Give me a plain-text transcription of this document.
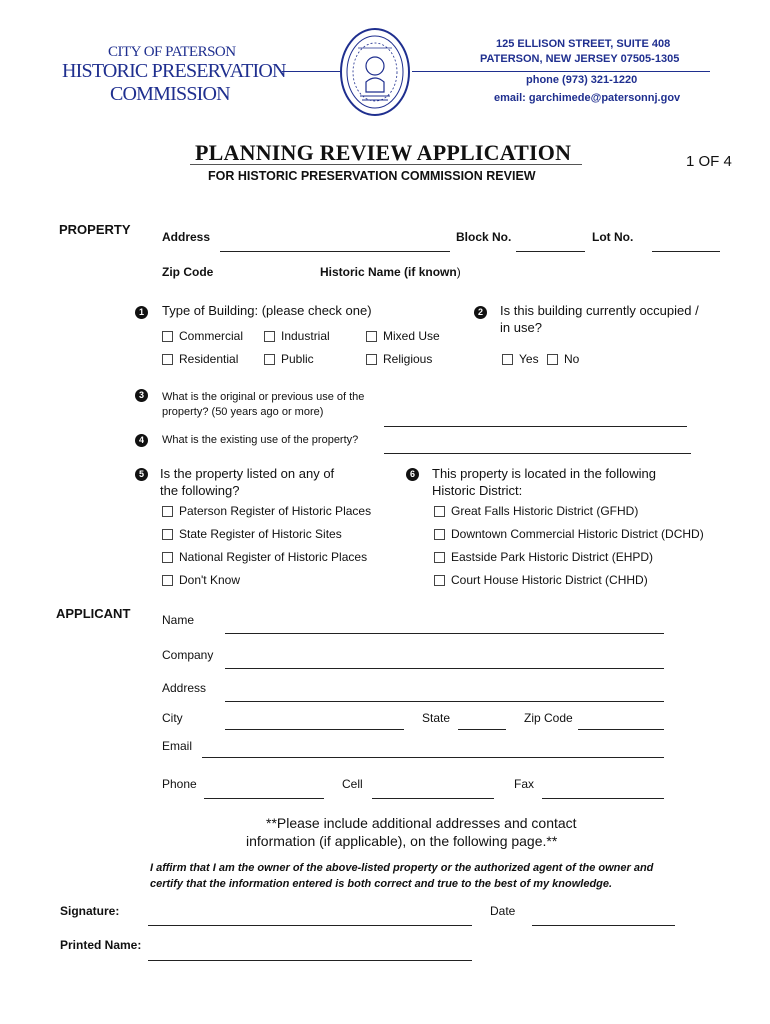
CITY OF PATERSON
HISTORIC PRESERVATION
COMMISSION
125 ELLISON STREET, SUITE 408
PATERSON, NEW JERSEY 07505-1305
phone (973) 321-1220
email: garchimede@patersonnj.gov
PLANNING REVIEW APPLICATION
FOR HISTORIC PRESERVATION COMMISSION REVIEW
1 OF 4
PROPERTY	Address	Block No.	Lot No.
Zip Code	Historic Name (if known)
1	Type of Building: (please check one)
Commercial	Industrial	Mixed Use
Residential	Public	Religious
2	Is this building currently occupied /
in use?
Yes	No
3	What is the original or previous use of the
property? (50 years ago or more)
4	What is the existing use of the property?
5	Is the property listed on any of
the following?
Paterson Register of Historic Places
State Register of Historic Sites
National Register of Historic Places
Don't Know
6	This property is located in the following
Historic District:
Great Falls Historic District (GFHD)
Downtown Commercial Historic District (DCHD)
Eastside Park Historic District (EHPD)
Court House Historic District (CHHD)
APPLICANT	Name
Company
Address
City	State	Zip Code
Email
Phone	Cell	Fax
**Please include additional addresses and contact
information (if applicable), on the following page.**
I affirm that I am the owner of the above-listed property or the authorized agent of the owner and
certify that the information entered is both correct and true to the best of my knowledge.
Signature:	Date
Printed Name:
